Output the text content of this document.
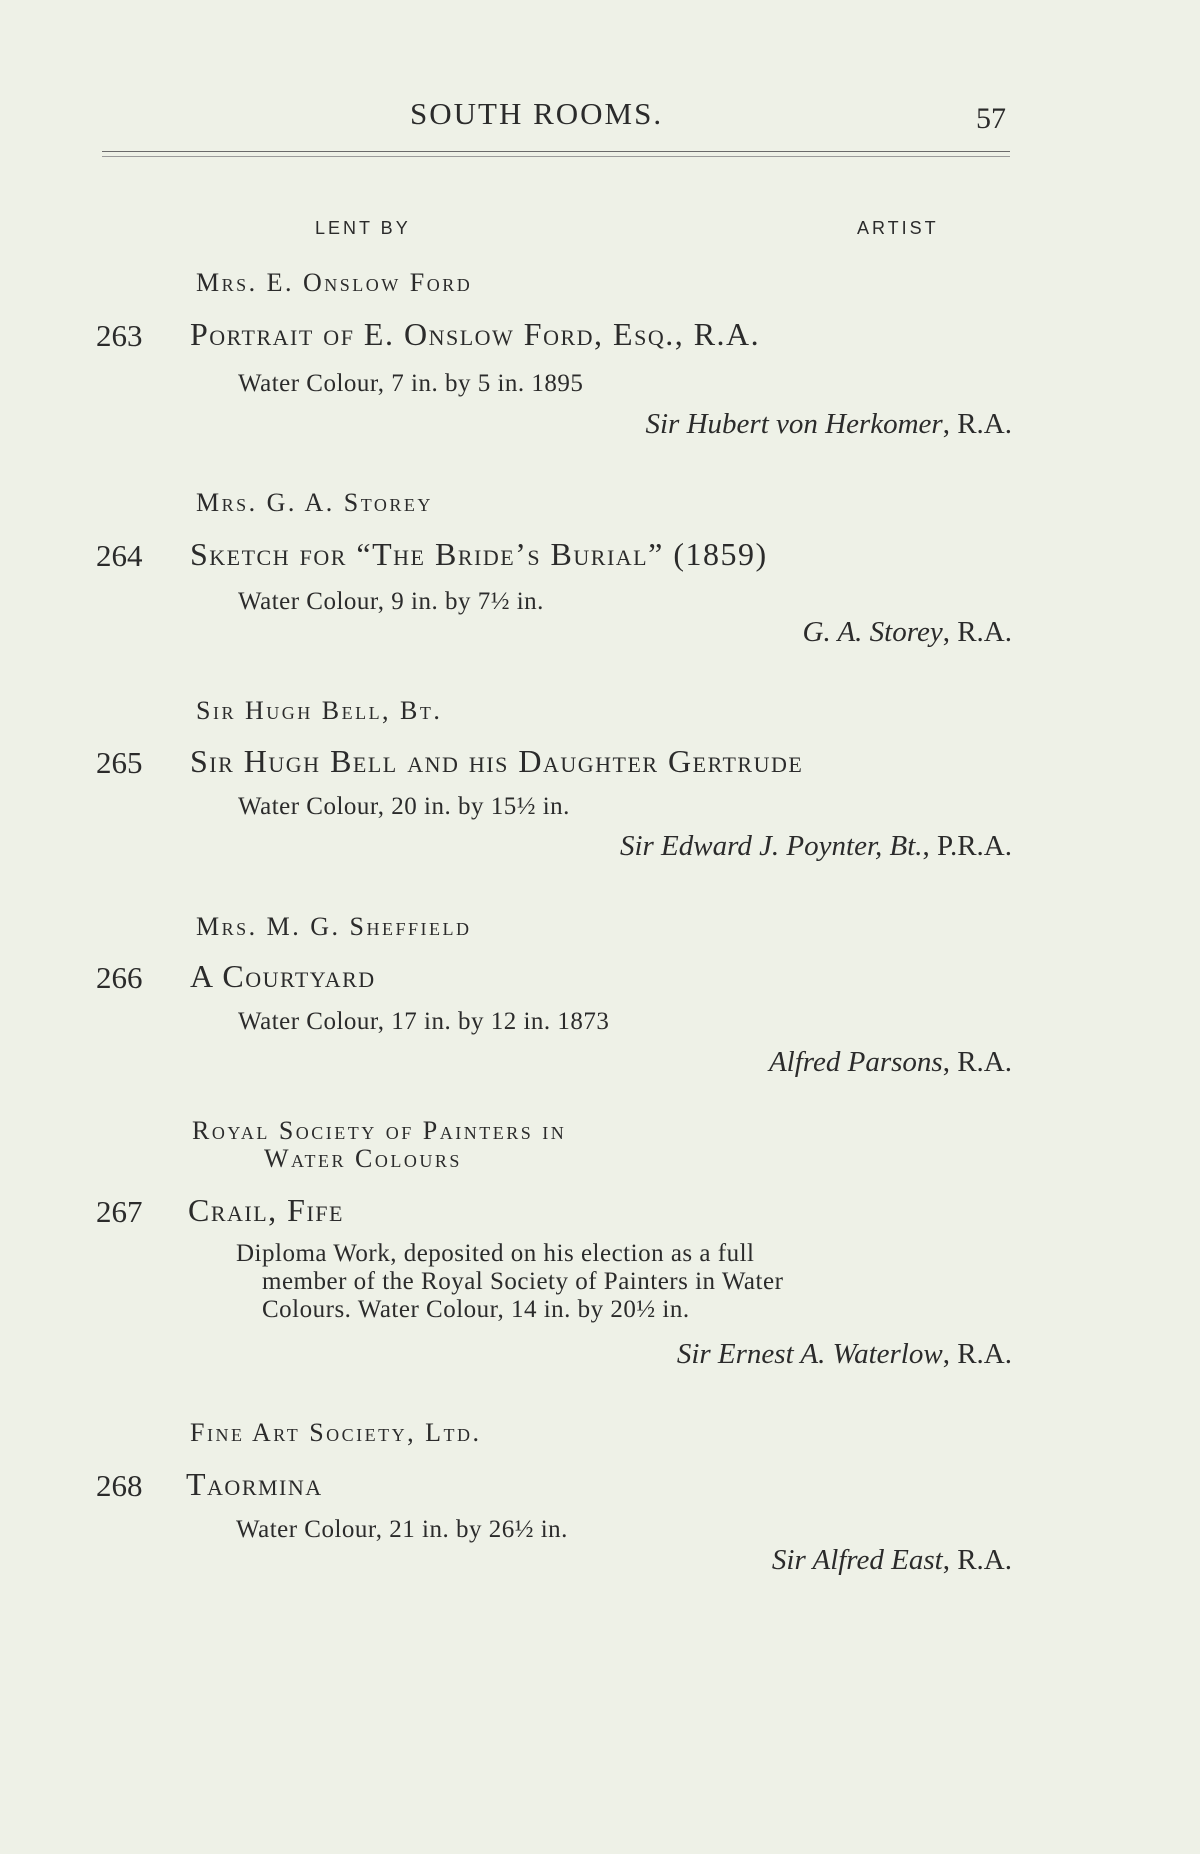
SOUTH ROOMS.	57
LENT BY	ARTIST
Mrs. E. Onslow Ford
263 Portrait of E. Onslow Ford, Esq., R.A.
Water Colour, 7 in. by 5 in. 1895
Sir Hubert von Herkomer, R.A.
Mrs. G. A. Storey
264 Sketch for “The Bride’s Burial” (1859)
Water Colour, 9 in. by 7½ in.
G. A. Storey, R.A.
Sir Hugh Bell, Bt.
265 Sir Hugh Bell and his Daughter Gertrude
Water Colour, 20 in. by 15½ in.
Sir Edward J. Poynter, Bt., P.R.A.
Mrs. M. G. Sheffield
266 A Courtyard
Water Colour, 17 in. by 12 in. 1873
Alfred Parsons, R.A.
Royal Society of Painters in
Water Colours
267 Crail, Fife
Diploma Work, deposited on his election as a full
member of the Royal Society of Painters in Water
Colours. Water Colour, 14 in. by 20½ in.
Sir Ernest A. Waterlow, R.A.
Fine Art Society, Ltd.
268 Taormina
Water Colour, 21 in. by 26½ in.
Sir Alfred East, R.A.
